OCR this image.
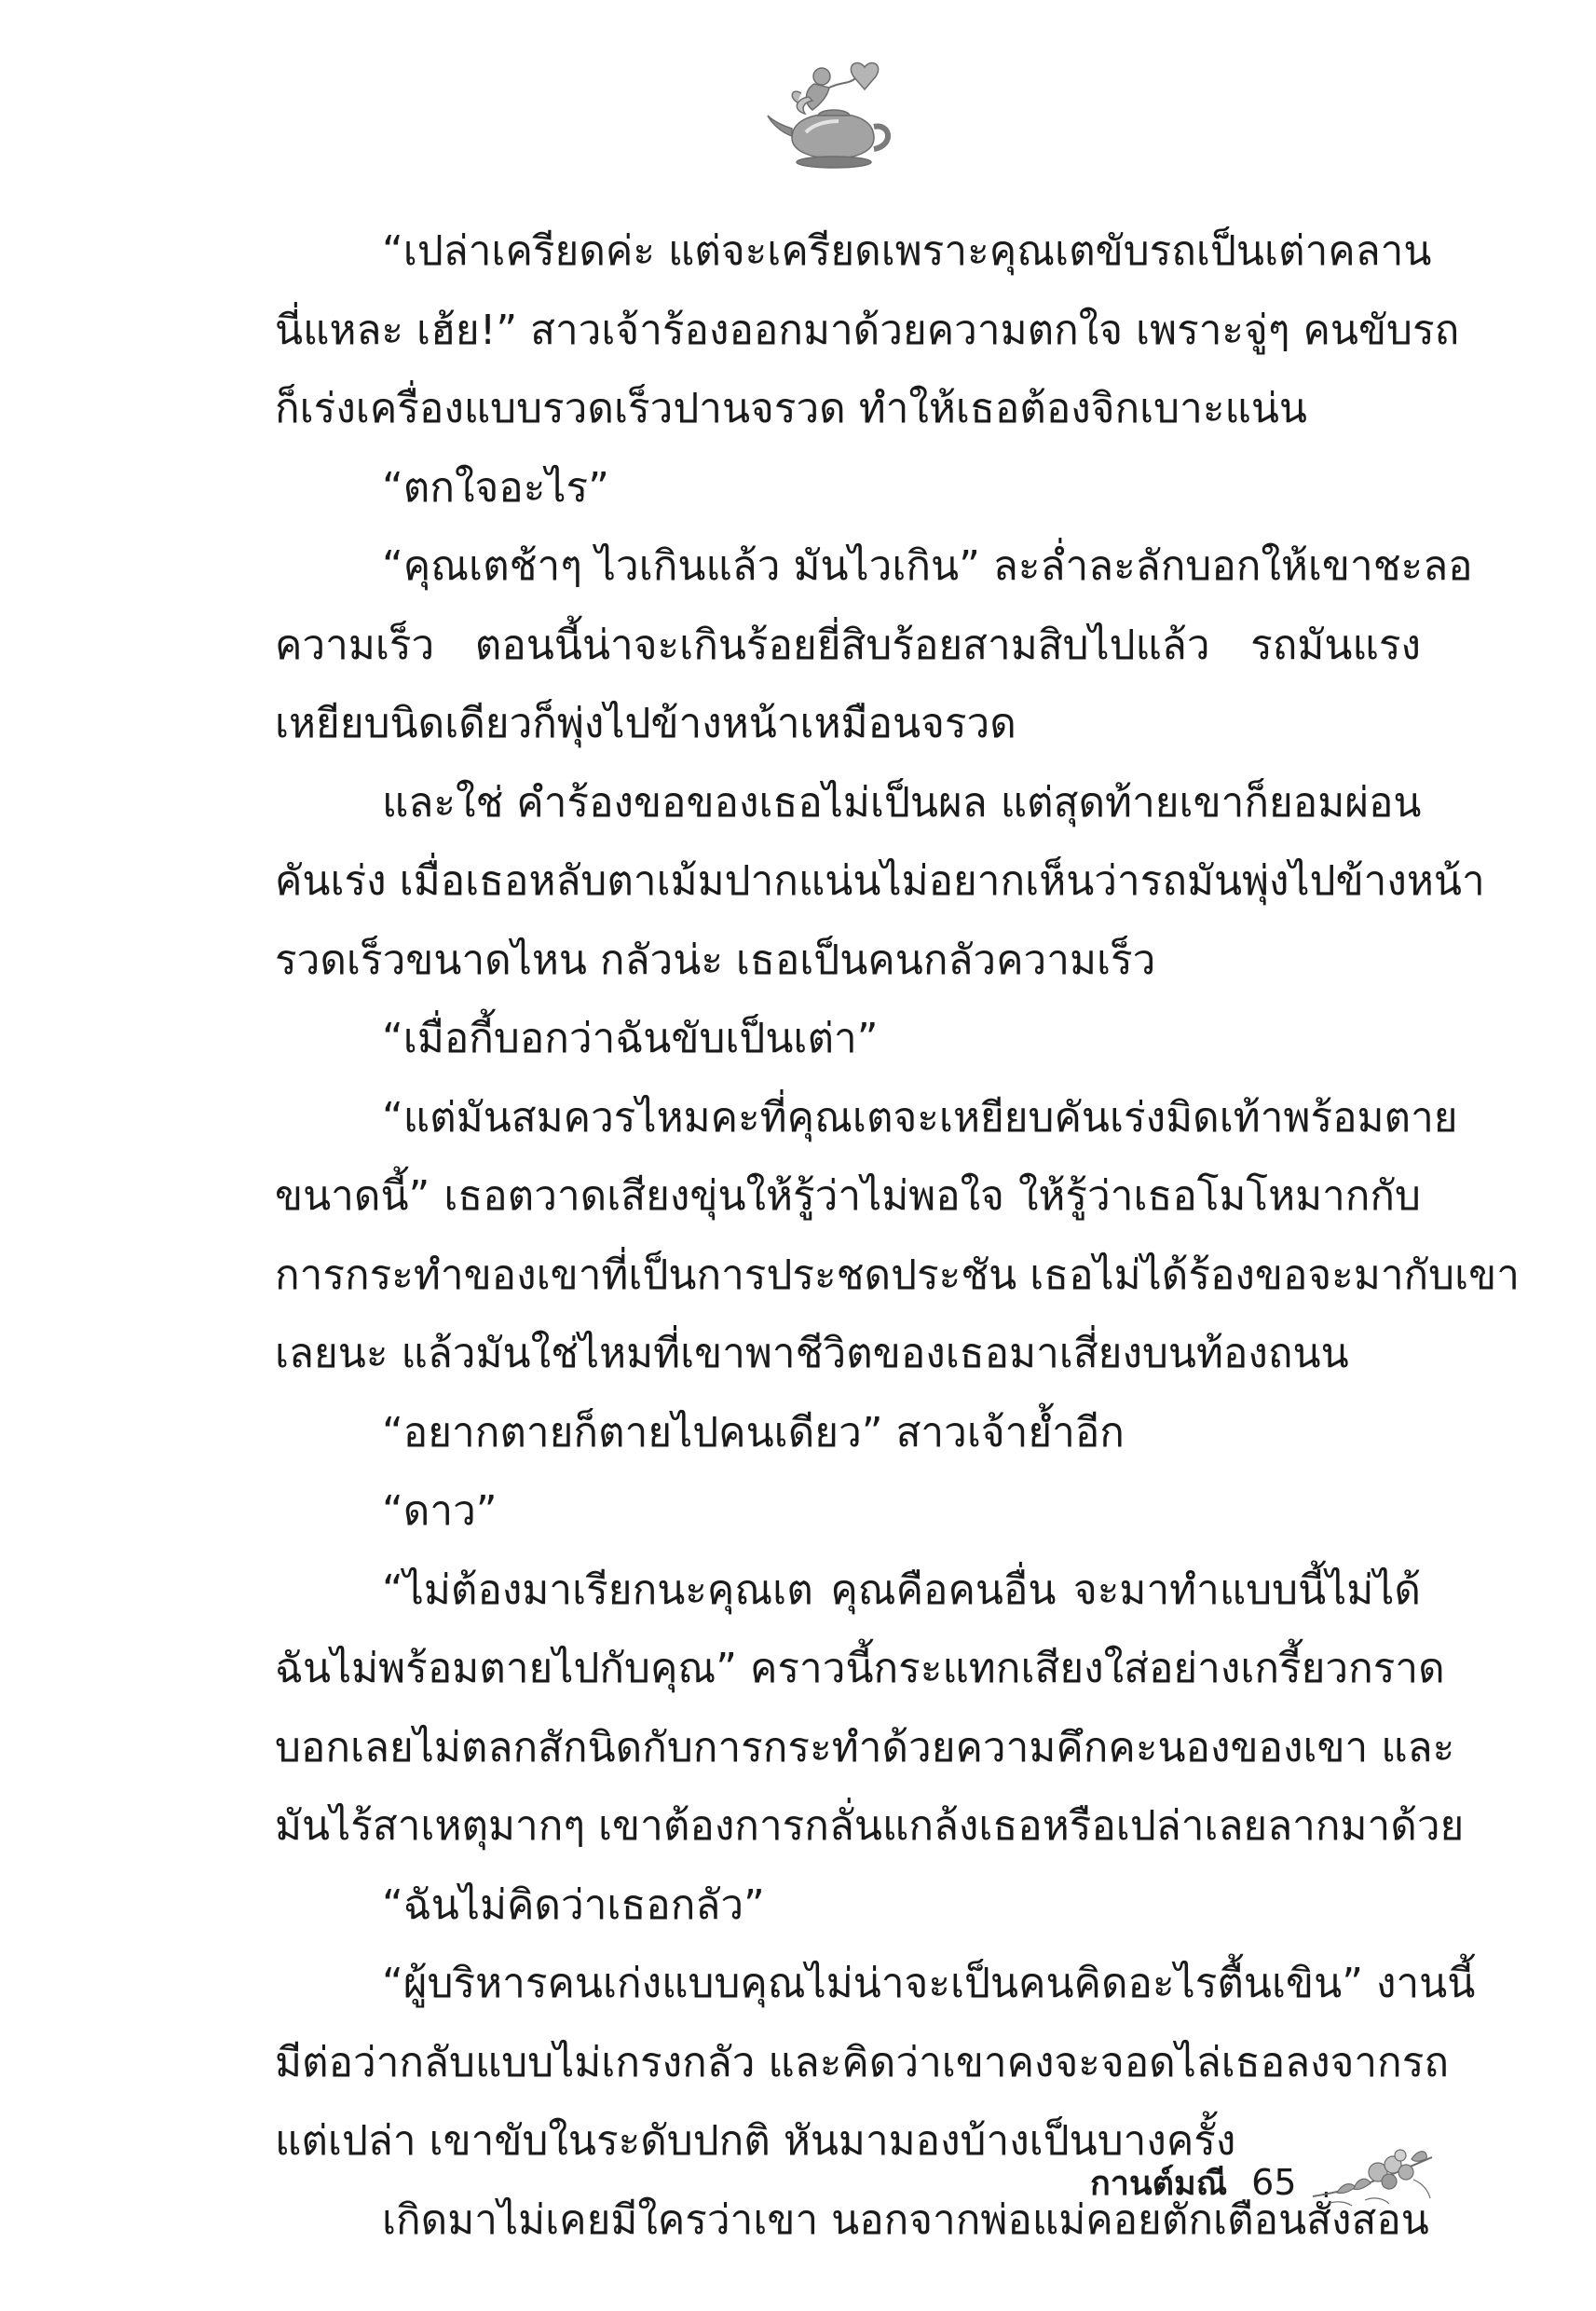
“เปล่าเครียดค่ะ แต่จะเครียดเพราะคุณเตขับรถเป็นเต่าคลาน
นี่แหละ เฮ้ย!” สาวเจ้าร้องออกมาด้วยความตกใจ เพราะจู่ๆ คนขับรถ
ก็เร่งเครื่องแบบรวดเร็วปานจรวด ทำให้เธอต้องจิกเบาะแน่น

“ตกใจอะไร”

“คุณเตช้าๆ ไวเกินแล้ว มันไวเกิน” ละล่ำละลักบอกให้เขาชะลอ
ความเร็ว ตอนนี้น่าจะเกินร้อยยี่สิบร้อยสามสิบไปแล้ว รถมันแรง
เหยียบนิดเดียวก็พุ่งไปข้างหน้าเหมือนจรวด

และใช่ คำร้องขอของเธอไม่เป็นผล แต่สุดท้ายเขาก็ยอมผ่อน
คันเร่ง เมื่อเธอหลับตาเม้มปากแน่นไม่อยากเห็นว่ารถมันพุ่งไปข้างหน้า
รวดเร็วขนาดไหน กลัวน่ะ เธอเป็นคนกลัวความเร็ว

“เมื่อกี้บอกว่าฉันขับเป็นเต่า”

“แต่มันสมควรไหมคะที่คุณเตจะเหยียบคันเร่งมิดเท้าพร้อมตาย
ขนาดนี้” เธอตวาดเสียงขุ่นให้รู้ว่าไม่พอใจ ให้รู้ว่าเธอโมโหมากกับ
การกระทำของเขาที่เป็นการประชดประชัน เธอไม่ได้ร้องขอจะมากับเขา
เลยนะ แล้วมันใช่ไหมที่เขาพาชีวิตของเธอมาเสี่ยงบนท้องถนน

“อยากตายก็ตายไปคนเดียว” สาวเจ้าย้ำอีก

“ดาว”

“ไม่ต้องมาเรียกนะคุณเต คุณคือคนอื่น จะมาทำแบบนี้ไม่ได้
ฉันไม่พร้อมตายไปกับคุณ” คราวนี้กระแทกเสียงใส่อย่างเกรี้ยวกราด
บอกเลยไม่ตลกสักนิดกับการกระทำด้วยความคึกคะนองของเขา และ
มันไร้สาเหตุมากๆ เขาต้องการกลั่นแกล้งเธอหรือเปล่าเลยลากมาด้วย

“ฉันไม่คิดว่าเธอกลัว”

“ผู้บริหารคนเก่งแบบคุณไม่น่าจะเป็นคนคิดอะไรตื้นเขิน” งานนี้
มีต่อว่ากลับแบบไม่เกรงกลัว และคิดว่าเขาคงจะจอดไล่เธอลงจากรถ
แต่เปล่า เขาขับในระดับปกติ หันมามองบ้างเป็นบางครั้ง

เกิดมาไม่เคยมีใครว่าเขา นอกจากพ่อแม่คอยตักเตือนสั่งสอน

กานต์มณี 65
